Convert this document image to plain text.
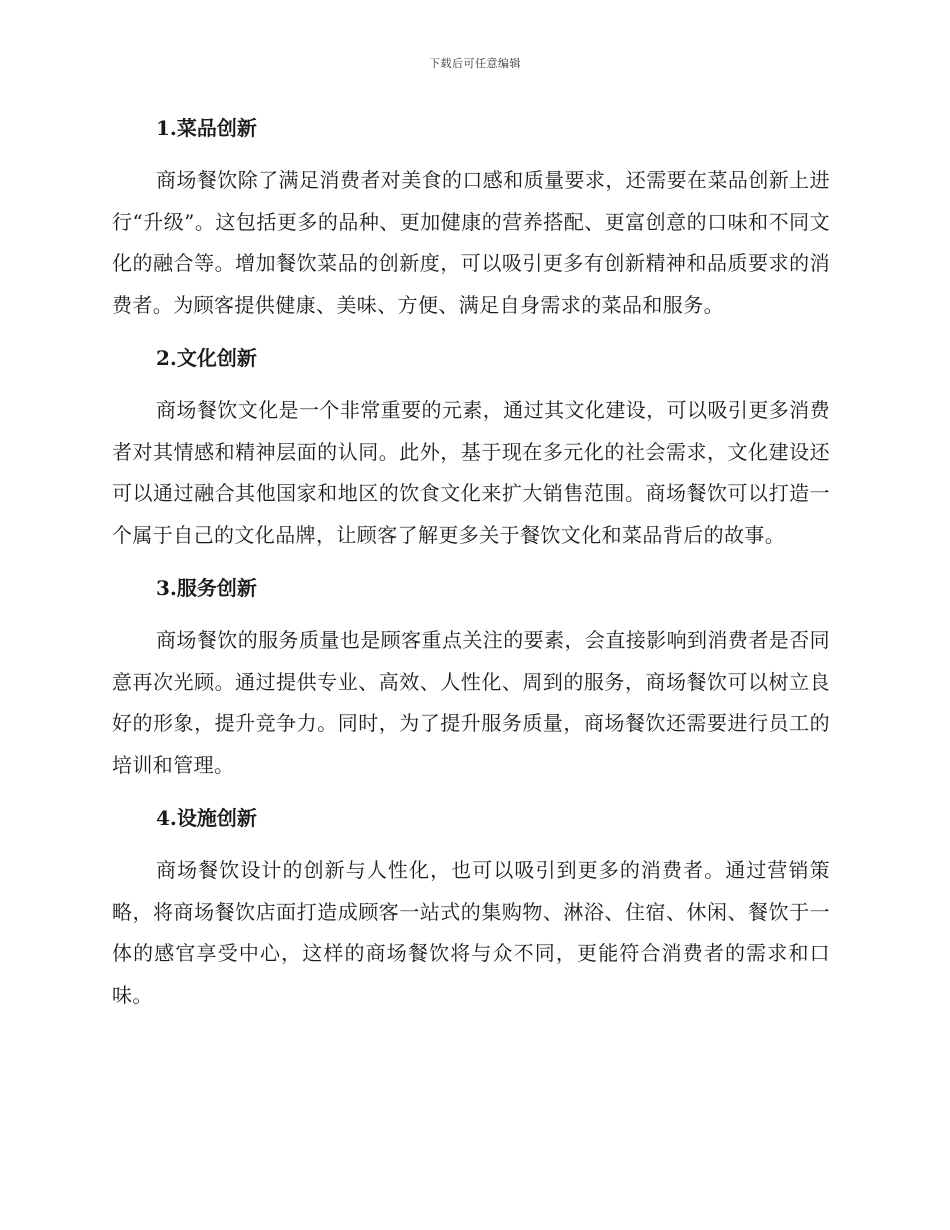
下载后可任意编辑
1.菜品创新

商场餐饮除了满足消费者对美食的口感和质量要求，还需要在菜品创新上进行“升级”。这包括更多的品种、更加健康的营养搭配、更富创意的口味和不同文化的融合等。增加餐饮菜品的创新度，可以吸引更多有创新精神和品质要求的消费者。为顾客提供健康、美味、方便、满足自身需求的菜品和服务。

2.文化创新

商场餐饮文化是一个非常重要的元素，通过其文化建设，可以吸引更多消费者对其情感和精神层面的认同。此外，基于现在多元化的社会需求，文化建设还可以通过融合其他国家和地区的饮食文化来扩大销售范围。商场餐饮可以打造一个属于自己的文化品牌，让顾客了解更多关于餐饮文化和菜品背后的故事。

3.服务创新

商场餐饮的服务质量也是顾客重点关注的要素，会直接影响到消费者是否同意再次光顾。通过提供专业、高效、人性化、周到的服务，商场餐饮可以树立良好的形象，提升竞争力。同时，为了提升服务质量，商场餐饮还需要进行员工的培训和管理。

4.设施创新

商场餐饮设计的创新与人性化，也可以吸引到更多的消费者。通过营销策略，将商场餐饮店面打造成顾客一站式的集购物、淋浴、住宿、休闲、餐饮于一体的感官享受中心，这样的商场餐饮将与众不同，更能符合消费者的需求和口味。
